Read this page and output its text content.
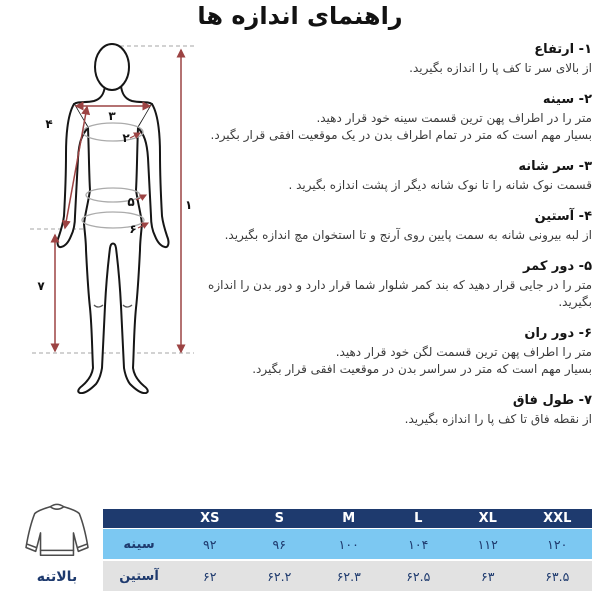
راهنمای اندازه ها
۳
۲
۴
۱
۵
۶
۷
۱- ارتفاع

از بالای سر تا کف پا را اندازه بگیرید.

۲- سینه

متر را در اطراف پهن ترین قسمت سینه خود قرار دهید.

بسیار مهم است که متر در تمام اطراف بدن در یک موقعیت افقی قرار بگیرد.

۳- سر شانه

قسمت نوک شانه را تا نوک شانه دیگر از پشت اندازه بگیرید .

۴- آستین

از لبه بیرونی شانه به سمت پایین روی آرنج و تا استخوان مچ اندازه بگیرید.

۵- دور کمر

متر را در جایی قرار دهید که بند کمر شلوار شما قرار دارد و دور بدن را اندازه بگیرید.

۶- دور ران

متر را اطراف پهن ترین قسمت لگن خود قرار دهید.

بسیار مهم است که متر در سراسر بدن در موقعیت افقی قرار بگیرد.

۷- طول فاق

از نقطه فاق تا کف پا را اندازه بگیرید.

بالاتنه
XS	S	M	L	XL	XXL
سینه	۹۲	۹۶	۱۰۰	۱۰۴	۱۱۲	۱۲۰
آستین	۶۲	۶۲.۲	۶۲.۳	۶۲.۵	۶۳	۶۳.۵
